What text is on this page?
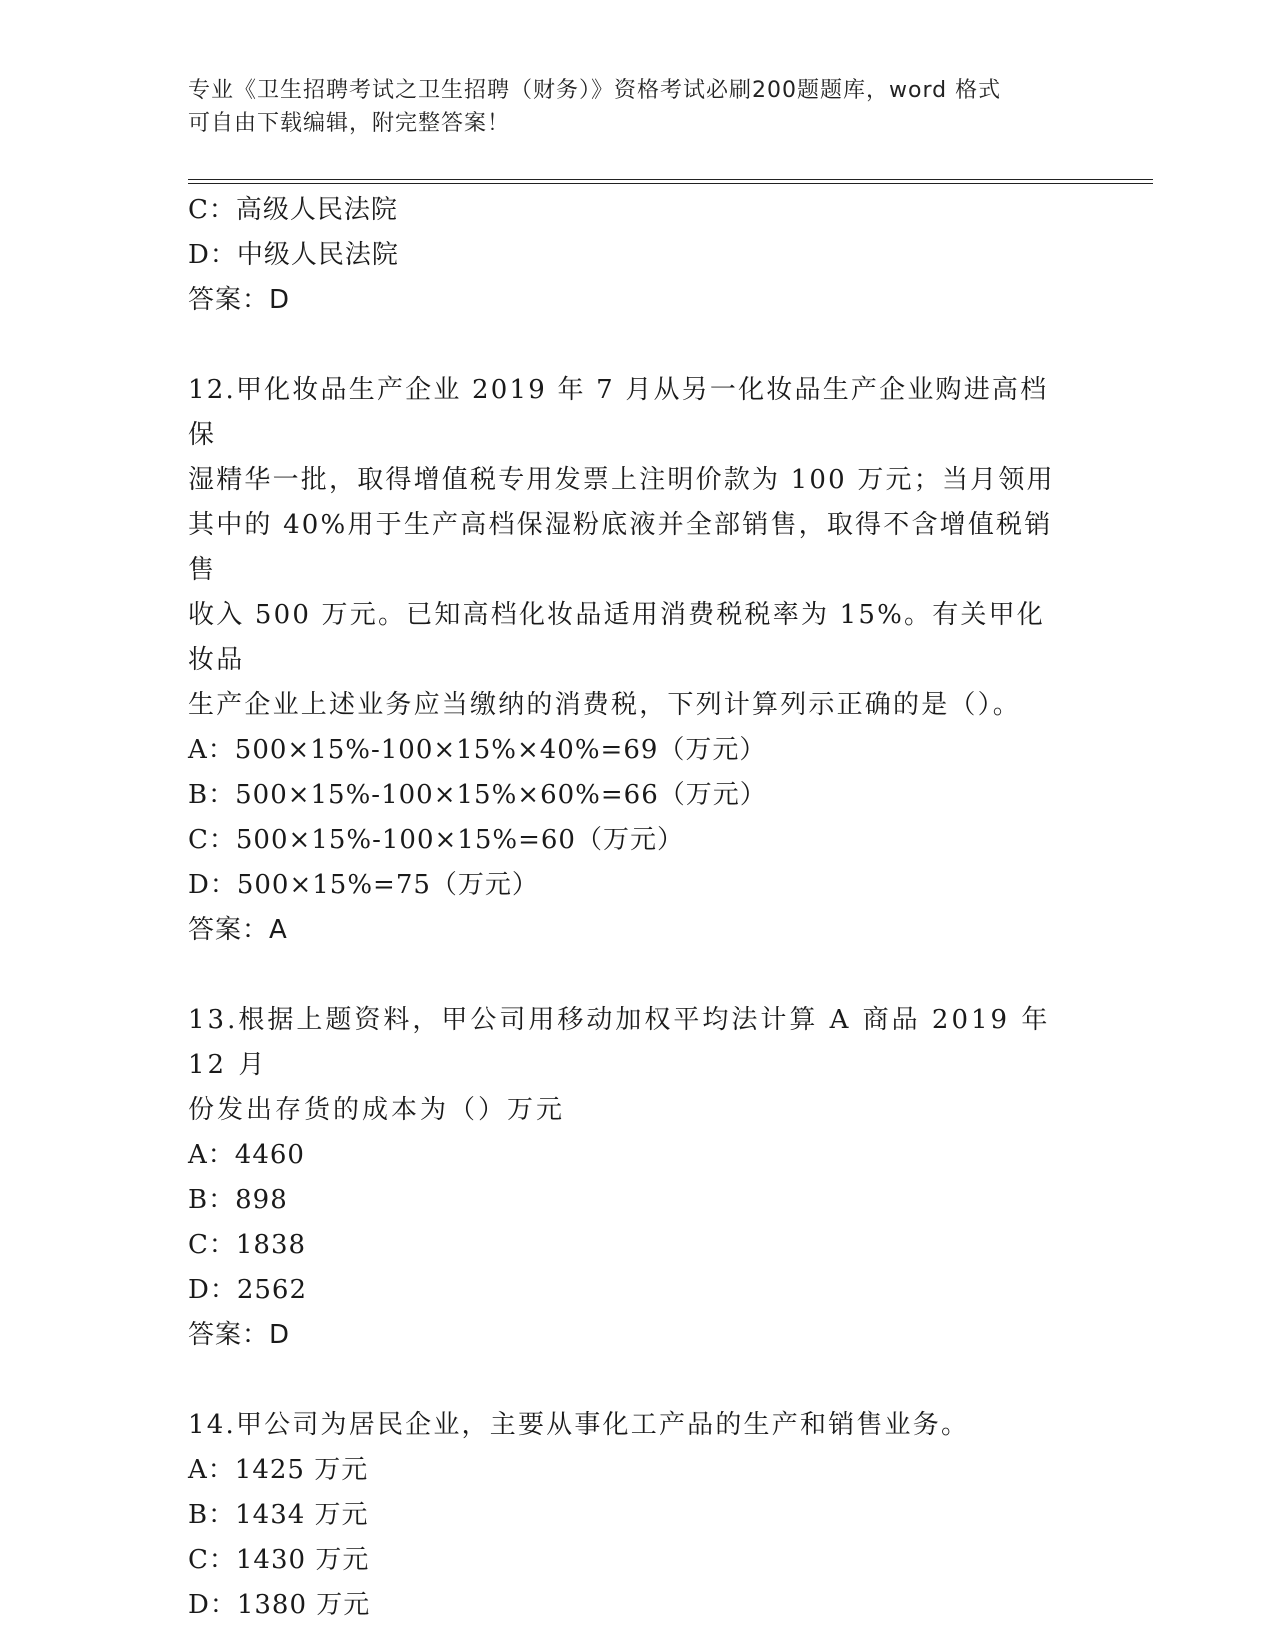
专业《卫生招聘考试之卫生招聘（财务）》资格考试必刷200题题库，word 格式
可自由下载编辑，附完整答案！
C：高级人民法院
D：中级人民法院
答案：D
12.甲化妆品生产企业 2019 年 7 月从另一化妆品生产企业购进高档保
湿精华一批，取得增值税专用发票上注明价款为 100 万元；当月领用
其中的 40%用于生产高档保湿粉底液并全部销售，取得不含增值税销售
收入 500 万元。已知高档化妆品适用消费税税率为 15%。有关甲化妆品
生产企业上述业务应当缴纳的消费税，下列计算列示正确的是（）。
A：500×15%-100×15%×40%=69（万元）
B：500×15%-100×15%×60%=66（万元）
C：500×15%-100×15%=60（万元）
D：500×15%=75（万元）
答案：A
13.根据上题资料，甲公司用移动加权平均法计算 A 商品 2019 年 12 月
份发出存货的成本为（）万元
A：4460
B：898
C：1838
D：2562
答案：D
14.甲公司为居民企业，主要从事化工产品的生产和销售业务。
A：1425 万元
B：1434 万元
C：1430 万元
D：1380 万元
